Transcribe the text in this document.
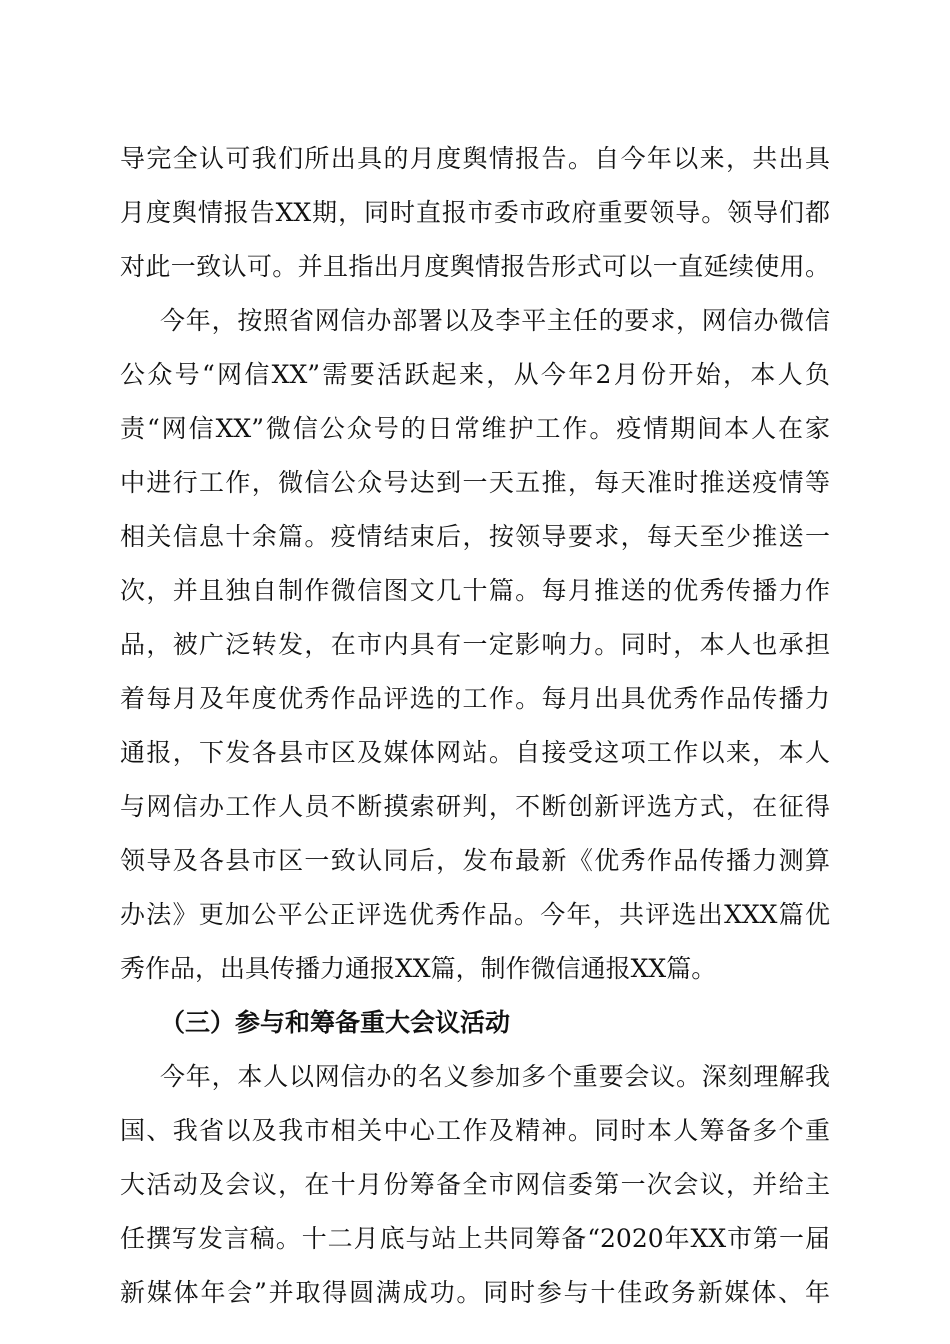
导完全认可我们所出具的月度舆情报告。自今年以来，共出具

月度舆情报告XX期，同时直报市委市政府重要领导。领导们都

对此一致认可。并且指出月度舆情报告形式可以一直延续使用。

今年，按照省网信办部署以及李平主任的要求，网信办微信

公众号“网信XX”需要活跃起来，从今年2月份开始，本人负

责“网信XX”微信公众号的日常维护工作。疫情期间本人在家

中进行工作，微信公众号达到一天五推，每天准时推送疫情等

相关信息十余篇。疫情结束后，按领导要求，每天至少推送一

次，并且独自制作微信图文几十篇。每月推送的优秀传播力作

品，被广泛转发，在市内具有一定影响力。同时，本人也承担

着每月及年度优秀作品评选的工作。每月出具优秀作品传播力

通报，下发各县市区及媒体网站。自接受这项工作以来，本人

与网信办工作人员不断摸索研判，不断创新评选方式，在征得

领导及各县市区一致认同后，发布最新《优秀作品传播力测算

办法》更加公平公正评选优秀作品。今年，共评选出XXX篇优

秀作品，出具传播力通报XX篇，制作微信通报XX篇。

（三）参与和筹备重大会议活动

今年，本人以网信办的名义参加多个重要会议。深刻理解我

国、我省以及我市相关中心工作及精神。同时本人筹备多个重

大活动及会议，在十月份筹备全市网信委第一次会议，并给主

任撰写发言稿。十二月底与站上共同筹备“2020年XX市第一届

新媒体年会”并取得圆满成功。同时参与十佳政务新媒体、年
